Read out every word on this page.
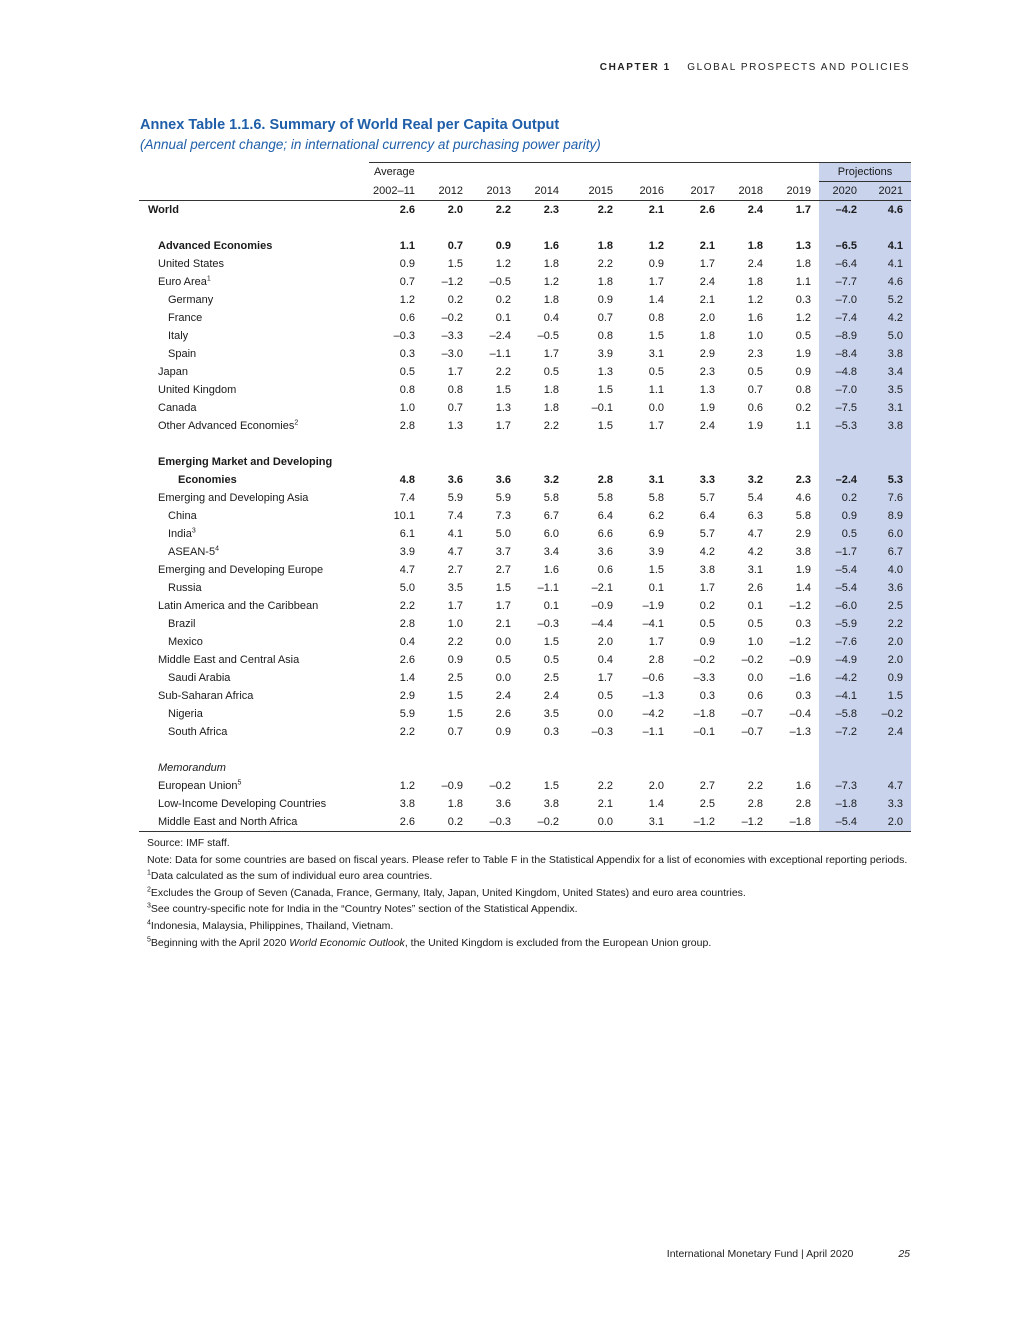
CHAPTER 1 GLOBAL PROSPECTS AND POLICIES
Annex Table 1.1.6. Summary of World Real per Capita Output
(Annual percent change; in international currency at purchasing power parity)
	Average									Projections	
	2002–11	2012	2013	2014	2015	2016	2017	2018	2019	2020	2021
World	2.6	2.0	2.2	2.3	2.2	2.1	2.6	2.4	1.7	–4.2	4.6

Advanced Economies	1.1	0.7	0.9	1.6	1.8	1.2	2.1	1.8	1.3	–6.5	4.1
United States	0.9	1.5	1.2	1.8	2.2	0.9	1.7	2.4	1.8	–6.4	4.1
Euro Area$^1$	0.7	–1.2	–0.5	1.2	1.8	1.7	2.4	1.8	1.1	–7.7	4.6
Germany	1.2	0.2	0.2	1.8	0.9	1.4	2.1	1.2	0.3	–7.0	5.2
France	0.6	–0.2	0.1	0.4	0.7	0.8	2.0	1.6	1.2	–7.4	4.2
Italy	–0.3	–3.3	–2.4	–0.5	0.8	1.5	1.8	1.0	0.5	–8.9	5.0
Spain	0.3	–3.0	–1.1	1.7	3.9	3.1	2.9	2.3	1.9	–8.4	3.8
Japan	0.5	1.7	2.2	0.5	1.3	0.5	2.3	0.5	0.9	–4.8	3.4
United Kingdom	0.8	0.8	1.5	1.8	1.5	1.1	1.3	0.7	0.8	–7.0	3.5
Canada	1.0	0.7	1.3	1.8	–0.1	0.0	1.9	0.6	0.2	–7.5	3.1
Other Advanced Economies$^2$	2.8	1.3	1.7	2.2	1.5	1.7	2.4	1.9	1.1	–5.3	3.8

Emerging Market and Developing											
Economies	4.8	3.6	3.6	3.2	2.8	3.1	3.3	3.2	2.3	–2.4	5.3
Emerging and Developing Asia	7.4	5.9	5.9	5.8	5.8	5.8	5.7	5.4	4.6	0.2	7.6
China	10.1	7.4	7.3	6.7	6.4	6.2	6.4	6.3	5.8	0.9	8.9
India$^3$	6.1	4.1	5.0	6.0	6.6	6.9	5.7	4.7	2.9	0.5	6.0
ASEAN-$5^4$	3.9	4.7	3.7	3.4	3.6	3.9	4.2	4.2	3.8	–1.7	6.7
Emerging and Developing Europe	4.7	2.7	2.7	1.6	0.6	1.5	3.8	3.1	1.9	–5.4	4.0
Russia	5.0	3.5	1.5	–1.1	–2.1	0.1	1.7	2.6	1.4	–5.4	3.6
Latin America and the Caribbean	2.2	1.7	1.7	0.1	–0.9	–1.9	0.2	0.1	–1.2	–6.0	2.5
Brazil	2.8	1.0	2.1	–0.3	–4.4	–4.1	0.5	0.5	0.3	–5.9	2.2
Mexico	0.4	2.2	0.0	1.5	2.0	1.7	0.9	1.0	–1.2	–7.6	2.0
Middle East and Central Asia	2.6	0.9	0.5	0.5	0.4	2.8	–0.2	–0.2	–0.9	–4.9	2.0
Saudi Arabia	1.4	2.5	0.0	2.5	1.7	–0.6	–3.3	0.0	–1.6	–4.2	0.9
Sub-Saharan Africa	2.9	1.5	2.4	2.4	0.5	–1.3	0.3	0.6	0.3	–4.1	1.5
Nigeria	5.9	1.5	2.6	3.5	0.0	–4.2	–1.8	–0.7	–0.4	–5.8	–0.2
South Africa	2.2	0.7	0.9	0.3	–0.3	–1.1	–0.1	–0.7	–1.3	–7.2	2.4

Memorandum											
European Union$^5$	1.2	–0.9	–0.2	1.5	2.2	2.0	2.7	2.2	1.6	–7.3	4.7
Low-Income Developing Countries	3.8	1.8	3.6	3.8	2.1	1.4	2.5	2.8	2.8	–1.8	3.3
Middle East and North Africa	2.6	0.2	–0.3	–0.2	0.0	3.1	–1.2	–1.2	–1.8	–5.4	2.0
Source: IMF staff.
Note: Data for some countries are based on fiscal years. Please refer to Table F in the Statistical Appendix for a list of economies with exceptional reporting periods.
$^1$Data calculated as the sum of individual euro area countries.
$^2$Excludes the Group of Seven (Canada, France, Germany, Italy, Japan, United Kingdom, United States) and euro area countries.
$^3$See country-specific note for India in the “Country Notes” section of the Statistical Appendix.
$^4$Indonesia, Malaysia, Philippines, Thailand, Vietnam.
$^5$Beginning with the April 2020 World Economic Outlook, the United Kingdom is excluded from the European Union group.
International Monetary Fund | April 2020	25
